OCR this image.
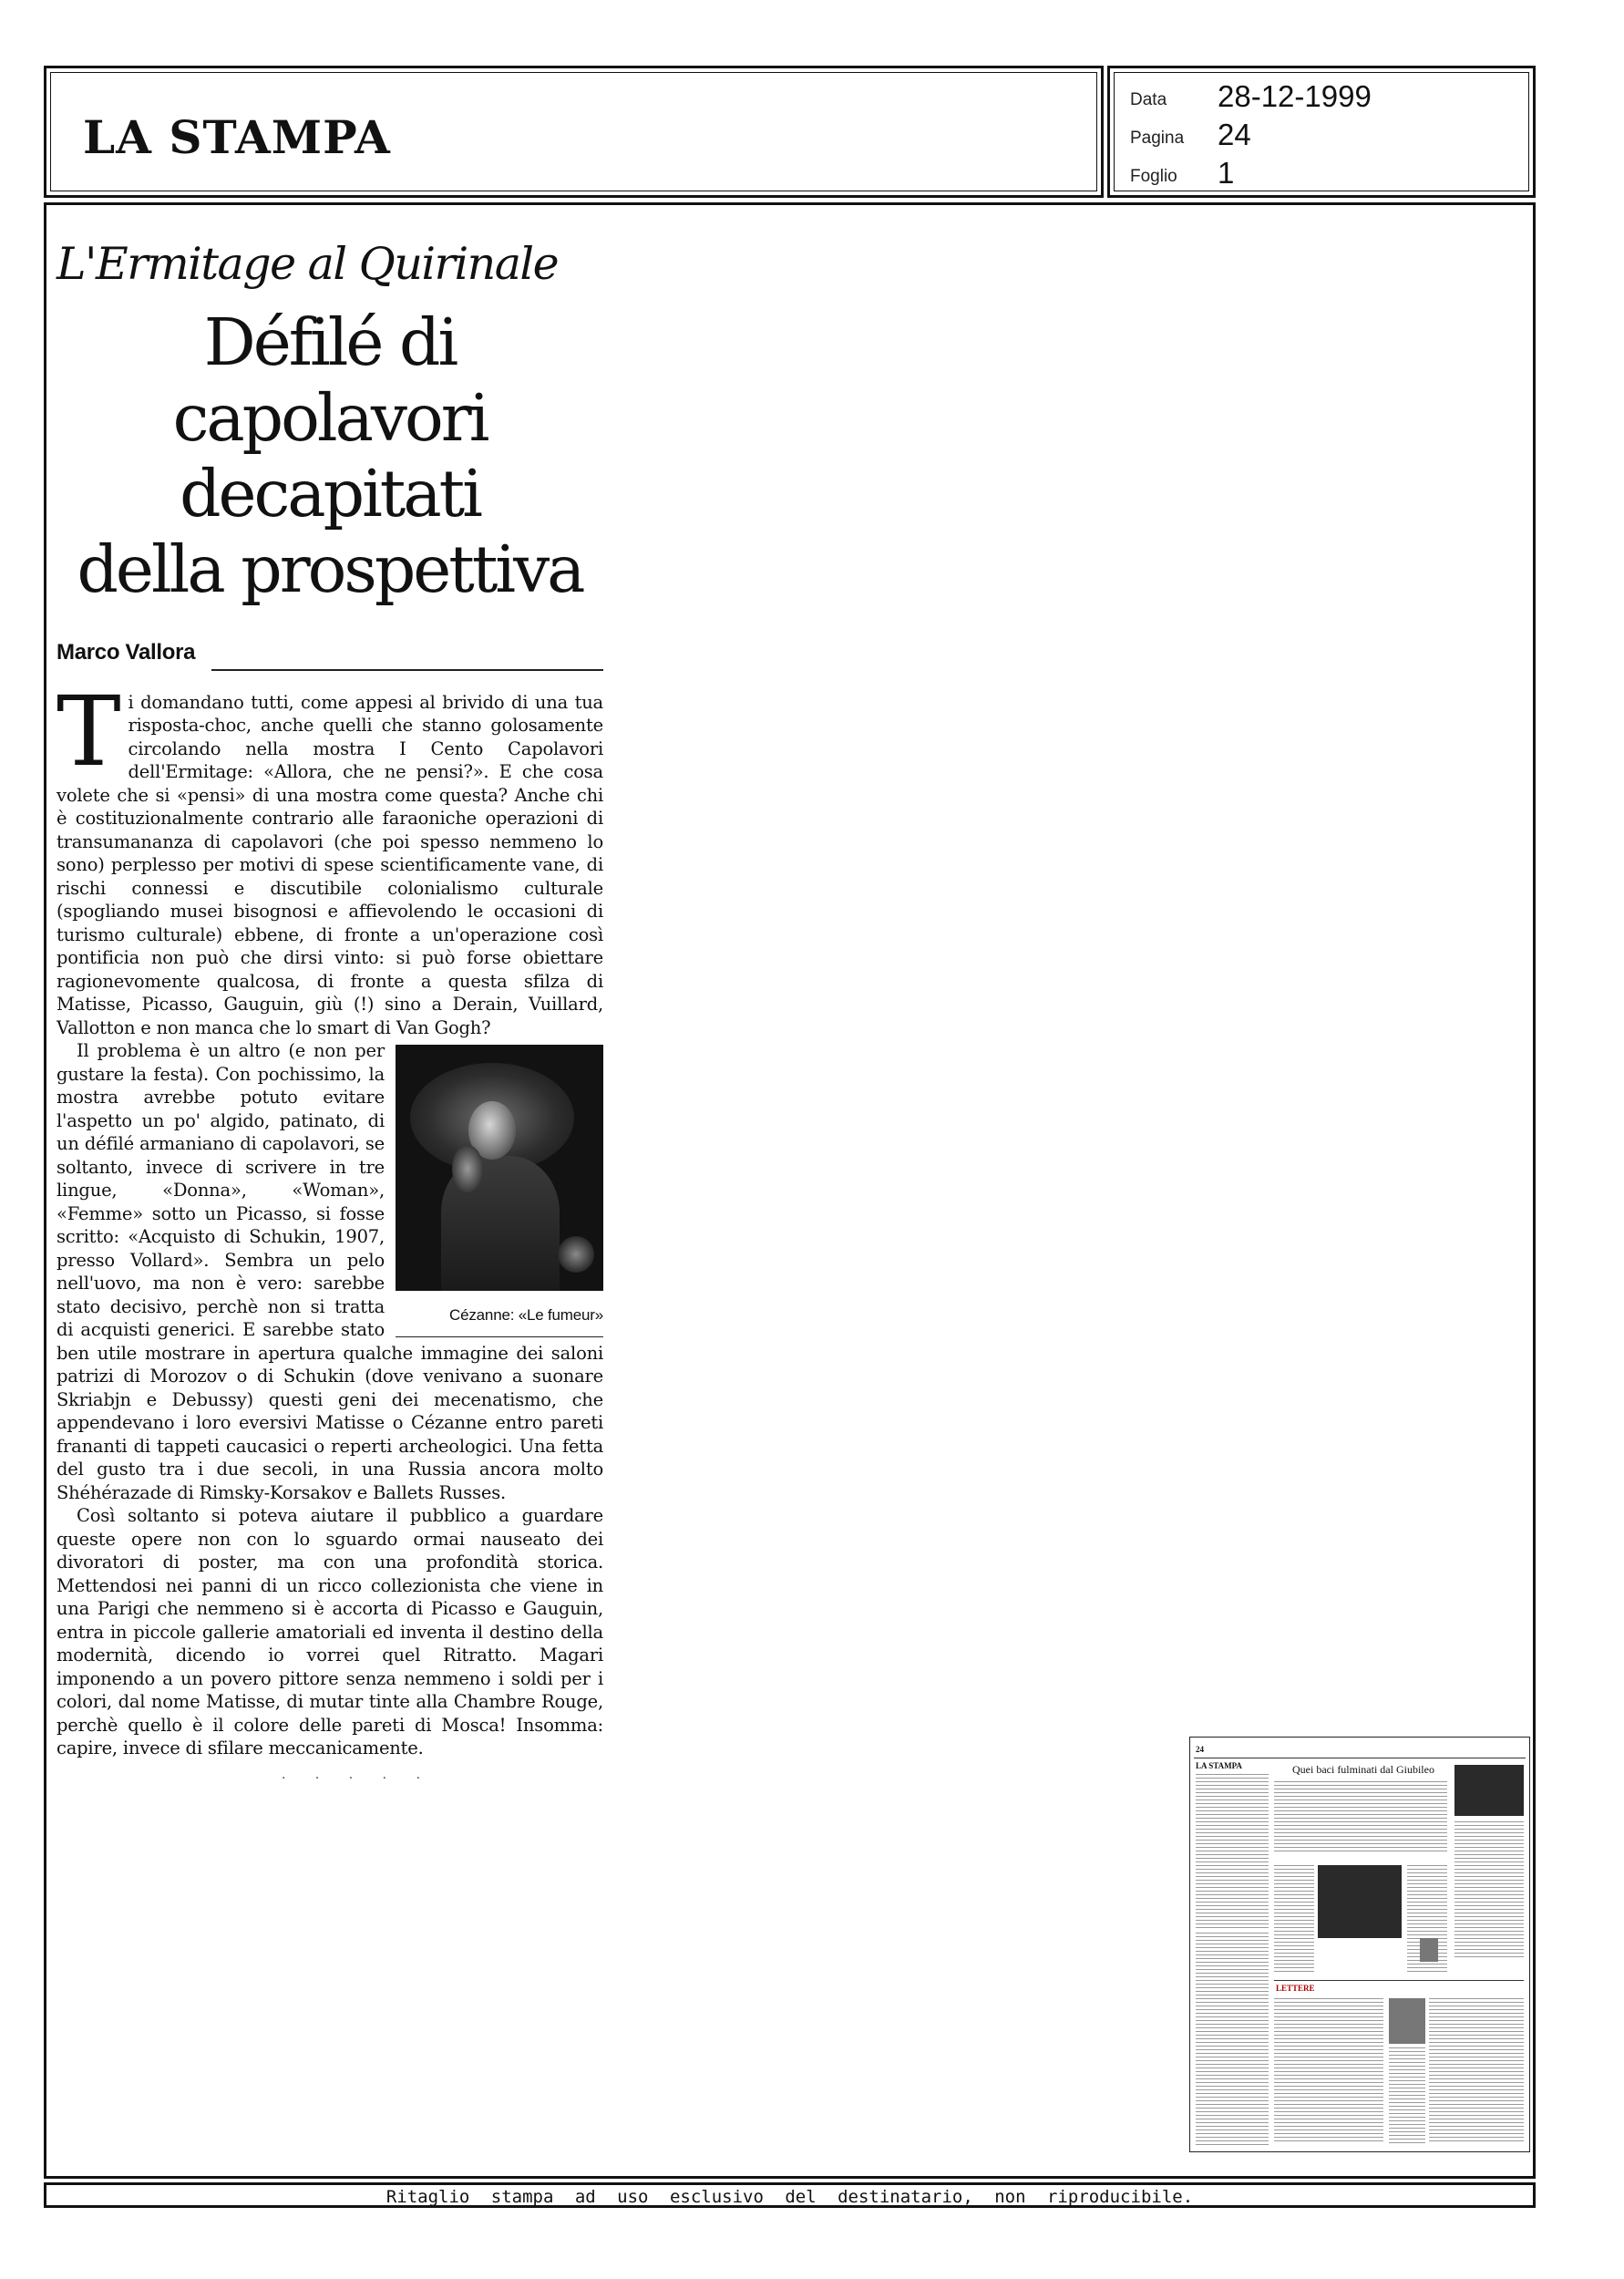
LA STAMPA
Data 28-12-1999
Pagina 24
Foglio 1
L'Ermitage al Quirinale
Défilé di capolavori
decapitati
della prospettiva
Marco Vallora

T i domandano tutti, come appesi al brivido di una tua risposta-choc, anche quelli che stanno golosamente circolando nella mostra I Cento Capolavori dell'Ermitage: «Allora, che ne pensi?». E che cosa volete che si «pensi» di una mostra come questa? Anche chi è costituzionalmente contrario alle faraoniche operazioni di transumananza di capolavori (che poi spesso nemmeno lo sono) perplesso per motivi di spese scientificamente vane, di rischi connessi e discutibile colonialismo culturale (spogliando musei bisognosi e affievolendo le occasioni di turismo culturale) ebbene, di fronte a un'operazione così pontificia non può che dirsi vinto: si può forse obiettare ragionevomente qualcosa, di fronte a questa sfilza di Matisse, Picasso, Gauguin, giù (!) sino a Derain, Vuillard, Vallotton e non manca che lo smart di Van Gogh?

Cézanne: «Le fumeur»

Il problema è un altro (e non per gustare la festa). Con pochissimo, la mostra avrebbe potuto evitare l'aspetto un po' algido, patinato, di un défilé armaniano di capolavori, se soltanto, invece di scrivere in tre lingue, «Donna», «Woman», «Femme» sotto un Picasso, si fosse scritto: «Acquisto di Schukin, 1907, presso Vollard». Sembra un pelo nell'uovo, ma non è vero: sarebbe stato decisivo, perchè non si tratta di acquisti generici. E sarebbe stato ben utile mostrare in apertura qualche immagine dei saloni patrizi di Morozov o di Schukin (dove venivano a suonare Skriabjn e Debussy) questi geni dei mecenatismo, che appendevano i loro eversivi Matisse o Cézanne entro pareti frananti di tappeti caucasici o reperti archeologici. Una fetta del gusto tra i due secoli, in una Russia ancora molto Shéhérazade di Rimsky-Korsakov e Ballets Russes.

Così soltanto si poteva aiutare il pubblico a guardare queste opere non con lo sguardo ormai nauseato dei divoratori di poster, ma con una profondità storica. Mettendosi nei panni di un ricco collezionista che viene in una Parigi che nemmeno si è accorta di Picasso e Gauguin, entra in piccole gallerie amatoriali ed inventa il destino della modernità, dicendo io vorrei quel Ritratto. Magari imponendo a un povero pittore senza nemmeno i soldi per i colori, dal nome Matisse, di mutar tinte alla Chambre Rouge, perchè quello è il colore delle pareti di Mosca! Insomma: capire, invece di sfilare meccanicamente.

· · · · ·
24
LA STAMPA	Quei baci fulminati dal Giubileo
LETTERE
Ritaglio stampa ad uso esclusivo del destinatario, non riproducibile.
